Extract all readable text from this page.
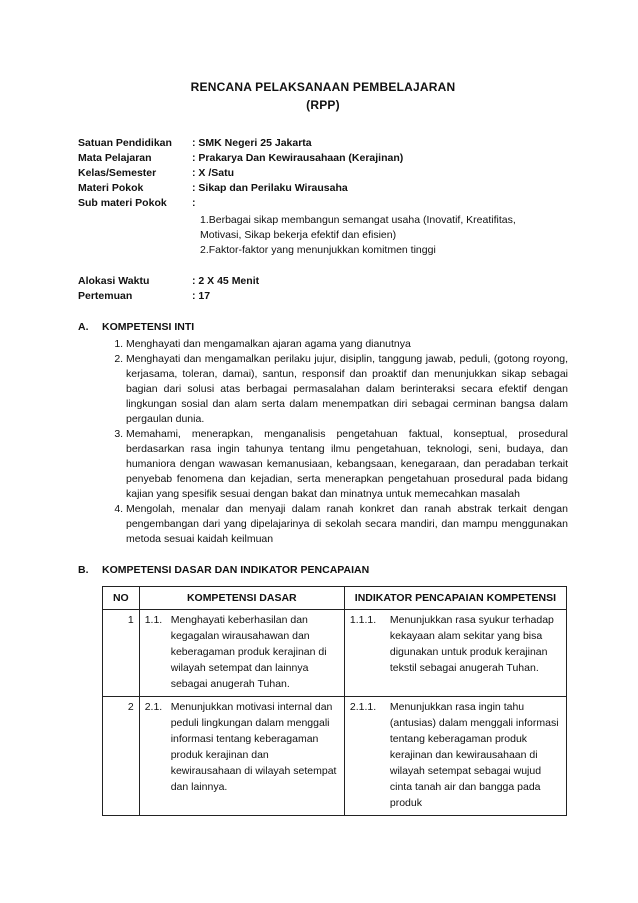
RENCANA PELAKSANAAN PEMBELAJARAN
(RPP)
Satuan Pendidikan	: SMK Negeri 25 Jakarta
Mata Pelajaran	: Prakarya Dan Kewirausahaan (Kerajinan)
Kelas/Semester	: X /Satu
Materi Pokok	: Sikap dan Perilaku Wirausaha
Sub materi Pokok	:
1.Berbagai sikap membangun semangat usaha (Inovatif, Kreatifitas,
Motivasi, Sikap bekerja efektif dan efisien)
2.Faktor-faktor yang menunjukkan komitmen tinggi
Alokasi Waktu	: 2 X 45 Menit
Pertemuan	: 17
A.	KOMPETENSI INTI
1. Menghayati dan mengamalkan ajaran agama yang dianutnya
2. Menghayati dan mengamalkan perilaku jujur, disiplin, tanggung jawab, peduli, (gotong royong, kerjasama, toleran, damai), santun, responsif dan proaktif dan menunjukkan sikap sebagai bagian dari solusi atas berbagai permasalahan dalam berinteraksi secara efektif dengan lingkungan sosial dan alam serta dalam menempatkan diri sebagai cerminan bangsa dalam pergaulan dunia.
3. Memahami, menerapkan, menganalisis pengetahuan faktual, konseptual, prosedural berdasarkan rasa ingin tahunya tentang ilmu pengetahuan, teknologi, seni, budaya, dan humaniora dengan wawasan kemanusiaan, kebangsaan, kenegaraan, dan peradaban terkait penyebab fenomena dan kejadian, serta menerapkan pengetahuan prosedural pada bidang kajian yang spesifik sesuai dengan bakat dan minatnya untuk memecahkan masalah
4. Mengolah, menalar dan menyaji dalam ranah konkret dan ranah abstrak terkait dengan pengembangan dari yang dipelajarinya di sekolah secara mandiri, dan mampu menggunakan metoda sesuai kaidah keilmuan
B.	KOMPETENSI DASAR DAN INDIKATOR PENCAPAIAN
NO	KOMPETENSI DASAR	INDIKATOR PENCAPAIAN KOMPETENSI
1	1.1. Menghayati keberhasilan dan kegagalan wirausahawan dan keberagaman produk kerajinan di wilayah setempat dan lainnya sebagai anugerah Tuhan.	1.1.1. Menunjukkan rasa syukur terhadap kekayaan alam sekitar yang bisa digunakan untuk produk kerajinan tekstil sebagai anugerah Tuhan.

2	2.1. Menunjukkan motivasi internal dan peduli lingkungan dalam menggali informasi tentang keberagaman produk kerajinan dan kewirausahaan di wilayah setempat dan lainnya.	2.1.1. Menunjukkan rasa ingin tahu (antusias) dalam menggali informasi tentang keberagaman produk kerajinan dan kewirausahaan di wilayah setempat sebagai wujud cinta tanah air dan bangga pada produk
